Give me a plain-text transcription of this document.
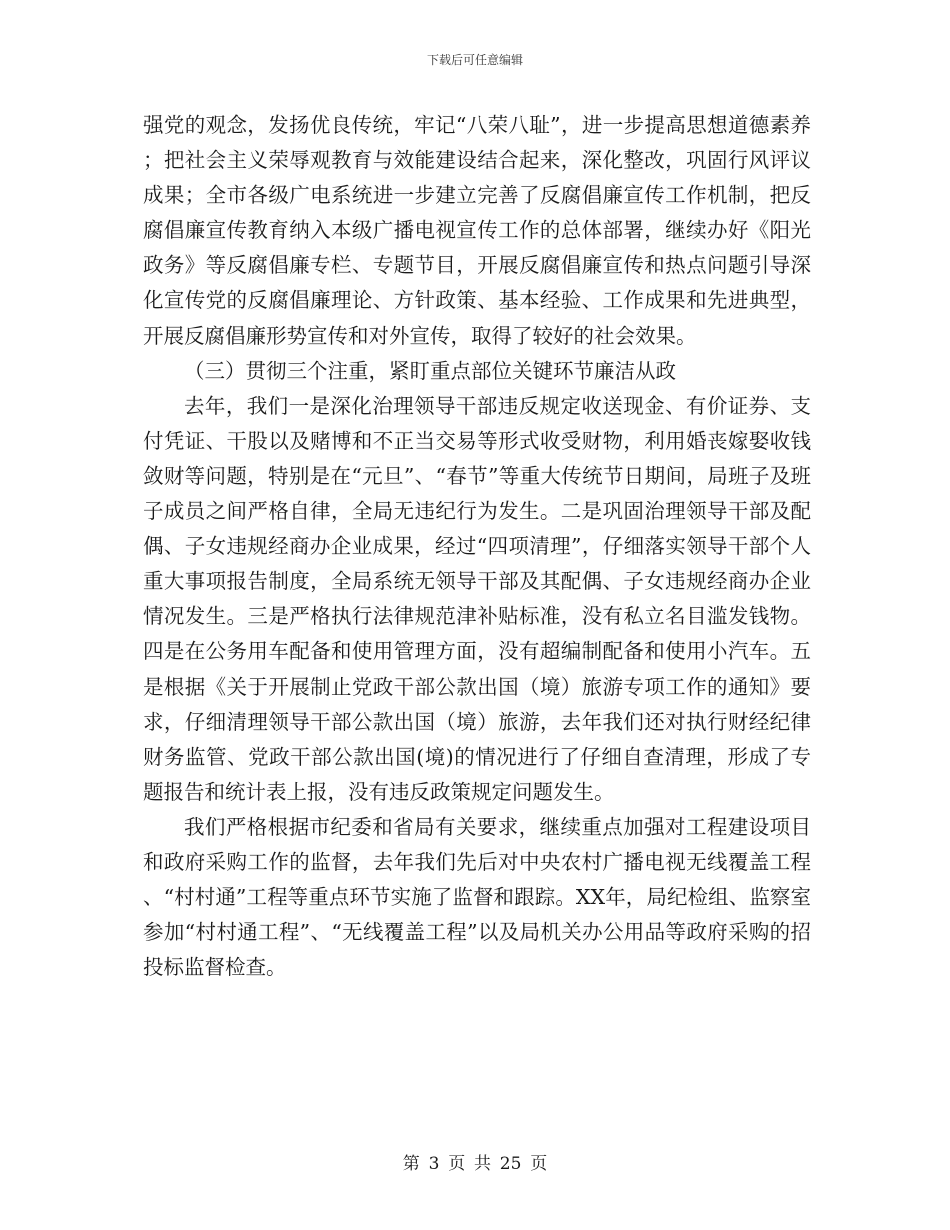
下载后可任意编辑

强党的观念，发扬优良传统，牢记“八荣八耻”，进一步提高思想道德素养；把社会主义荣辱观教育与效能建设结合起来，深化整改，巩固行风评议成果；全市各级广电系统进一步建立完善了反腐倡廉宣传工作机制，把反腐倡廉宣传教育纳入本级广播电视宣传工作的总体部署，继续办好《阳光政务》等反腐倡廉专栏、专题节目，开展反腐倡廉宣传和热点问题引导深化宣传党的反腐倡廉理论、方针政策、基本经验、工作成果和先进典型，开展反腐倡廉形势宣传和对外宣传，取得了较好的社会效果。

（三）贯彻三个注重，紧盯重点部位关键环节廉洁从政

去年，我们一是深化治理领导干部违反规定收送现金、有价证券、支付凭证、干股以及赌博和不正当交易等形式收受财物，利用婚丧嫁娶收钱敛财等问题，特别是在“元旦”、“春节”等重大传统节日期间，局班子及班子成员之间严格自律，全局无违纪行为发生。二是巩固治理领导干部及配偶、子女违规经商办企业成果，经过“四项清理”，仔细落实领导干部个人重大事项报告制度，全局系统无领导干部及其配偶、子女违规经商办企业情况发生。三是严格执行法律规范津补贴标准，没有私立名目滥发钱物。四是在公务用车配备和使用管理方面，没有超编制配备和使用小汽车。五是根据《关于开展制止党政干部公款出国（境）旅游专项工作的通知》要求，仔细清理领导干部公款出国（境）旅游，去年我们还对执行财经纪律财务监管、党政干部公款出国(境)的情况进行了仔细自查清理，形成了专题报告和统计表上报，没有违反政策规定问题发生。

我们严格根据市纪委和省局有关要求，继续重点加强对工程建设项目和政府采购工作的监督，去年我们先后对中央农村广播电视无线覆盖工程、“村村通”工程等重点环节实施了监督和跟踪。XX年，局纪检组、监察室参加“村村通工程”、“无线覆盖工程”以及局机关办公用品等政府采购的招投标监督检查。

第 3 页 共 25 页
